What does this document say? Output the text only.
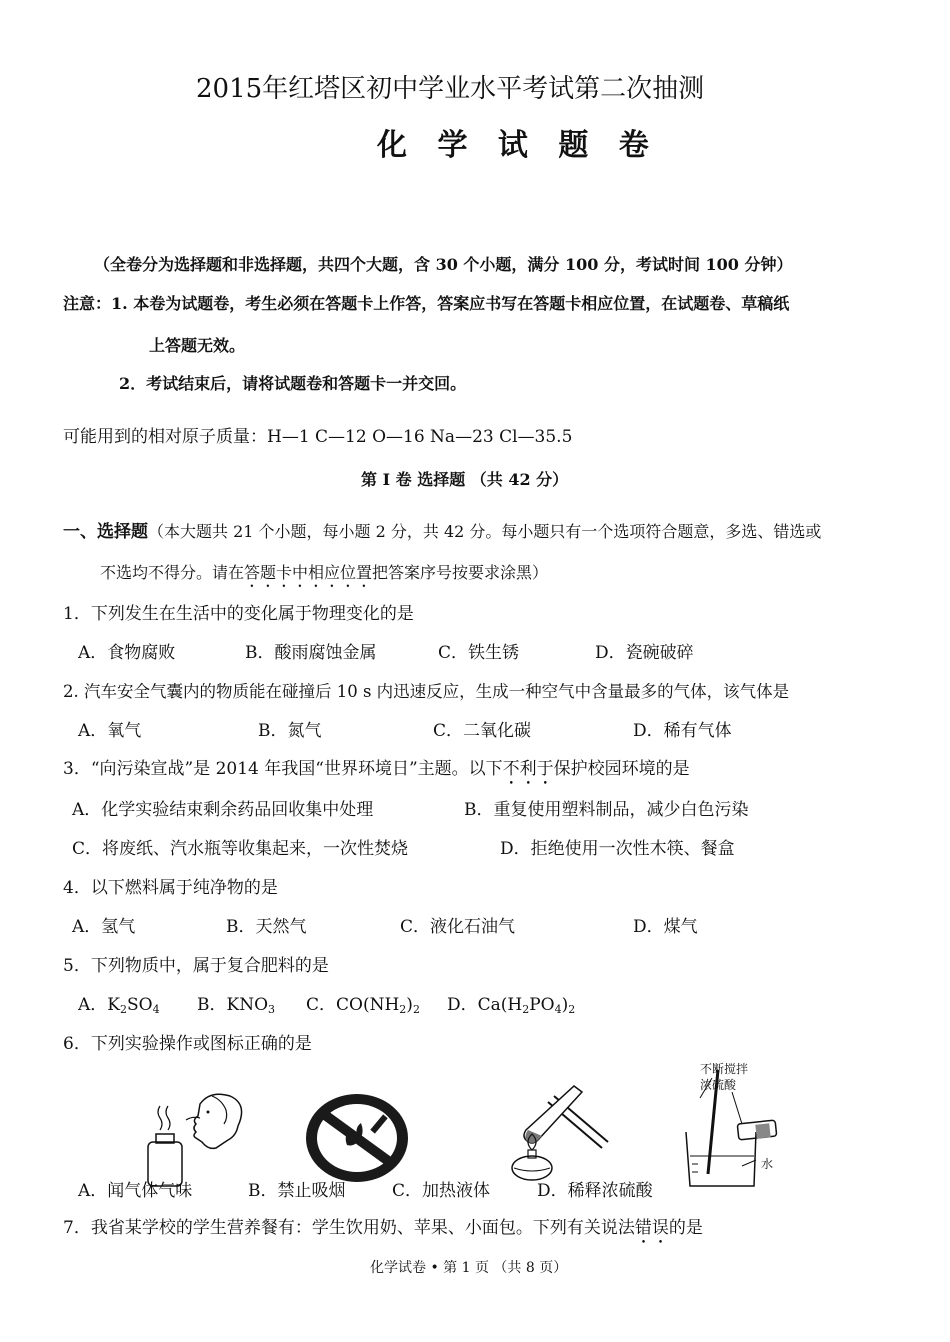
2015年红塔区初中学业水平考试第二次抽测
化 学 试 题 卷
（全卷分为选择题和非选择题，共四个大题，含 30 个小题，满分 100 分，考试时间 100 分钟）
注意：1. 本卷为试题卷，考生必须在答题卡上作答，答案应书写在答题卡相应位置，在试题卷、草稿纸
上答题无效。
2．考试结束后，请将试题卷和答题卡一并交回。
可能用到的相对原子质量：H—1 C—12 O—16 Na—23 Cl—35.5
第 Ⅰ 卷 选择题 （共 42 分）
一、选择题（本大题共 21 个小题，每小题 2 分，共 42 分。每小题只有一个选项符合题意，多选、错选或
不选均不得分。请在答题卡中相应位置把答案序号按要求涂黑）
1．下列发生在生活中的变化属于物理变化的是
A．食物腐败	B．酸雨腐蚀金属	C．铁生锈	D．瓷碗破碎
2. 汽车安全气囊内的物质能在碰撞后 10 s 内迅速反应，生成一种空气中含量最多的气体，该气体是
A．氧气	B．氮气	C．二氧化碳	D．稀有气体
3．“向污染宣战”是 2014 年我国“世界环境日”主题。以下不利于保护校园环境的是
A．化学实验结束剩余药品回收集中处理	B．重复使用塑料制品，减少白色污染
C．将废纸、汽水瓶等收集起来，一次性焚烧	D．拒绝使用一次性木筷、餐盒
4．以下燃料属于纯净物的是
A．氢气	B．天然气	C．液化石油气	D．煤气
5．下列物质中，属于复合肥料的是
A．$K_2SO_4$ B．$KNO_3$ C．$CO(NH_2)_2$ D．$Ca(H_2PO_4)_2$
6．下列实验操作或图标正确的是
不断搅拌
浓硫酸
水
A．闻气体气味	B．禁止吸烟	C．加热液体	D．稀释浓硫酸
7．我省某学校的学生营养餐有：学生饮用奶、苹果、小面包。下列有关说法错误的是
化学试卷 • 第 1 页 （共 8 页）
